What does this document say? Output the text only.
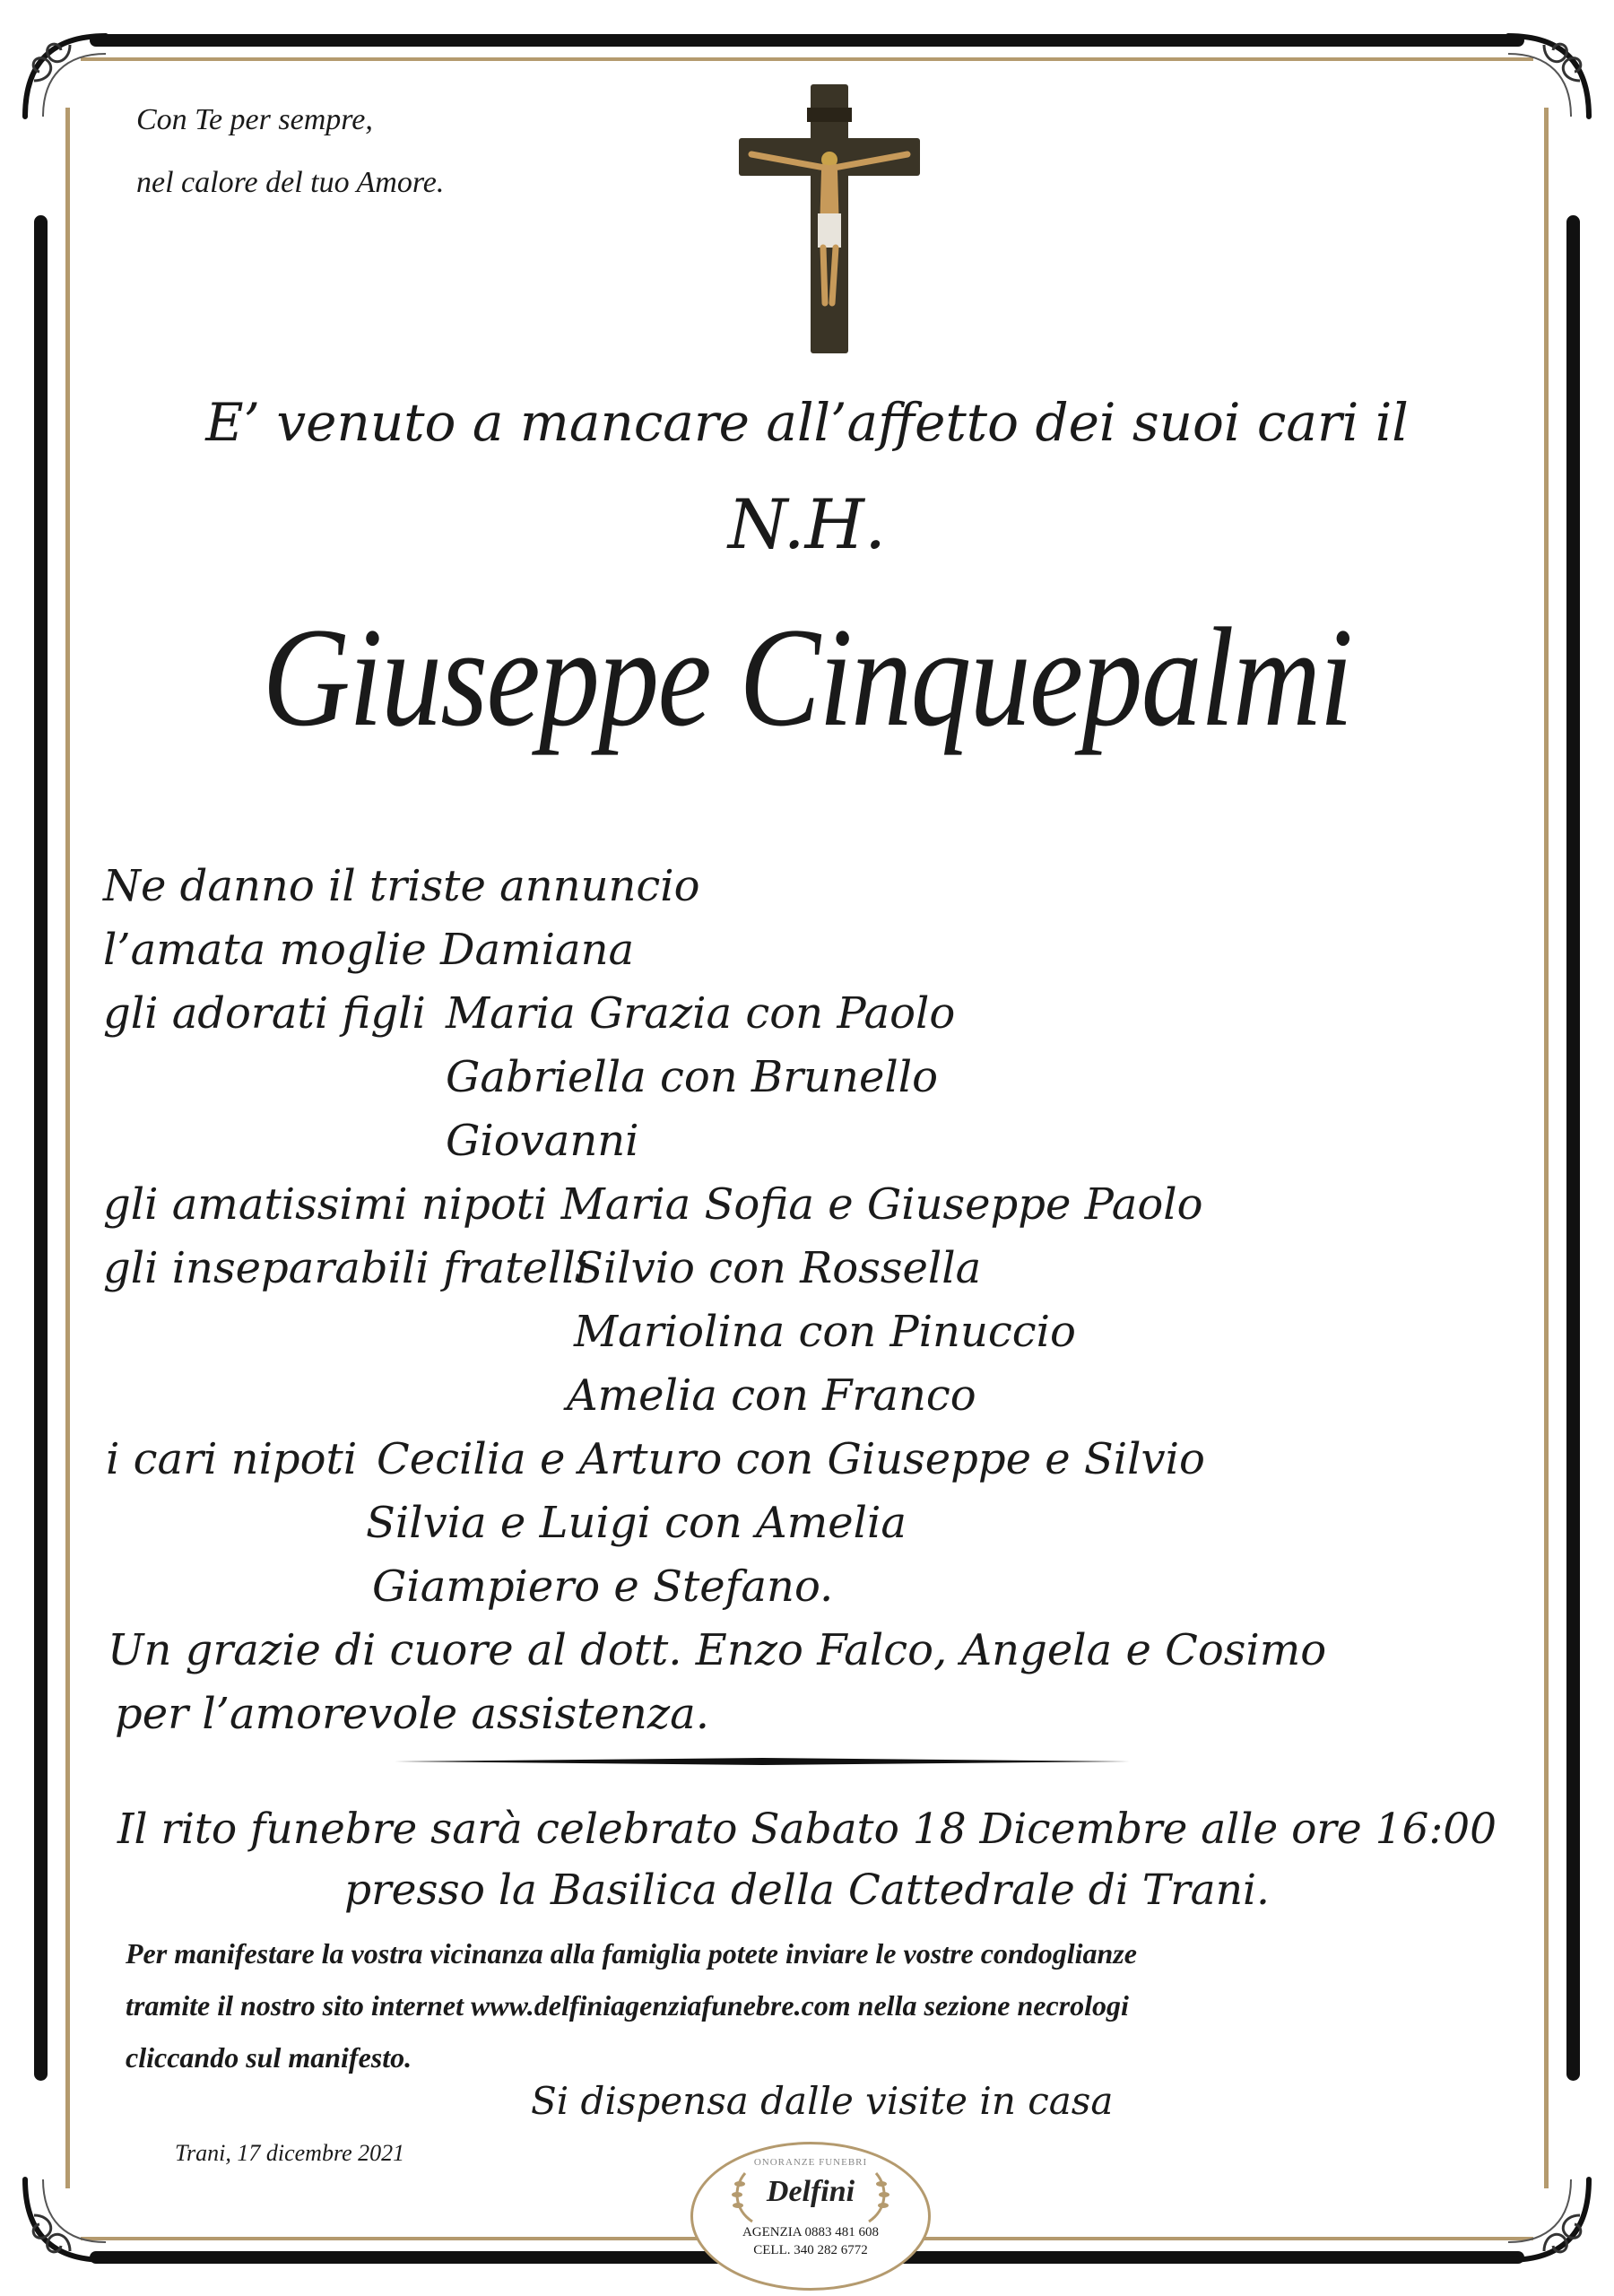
Con Te per sempre,
nel calore del tuo Amore.
E’ venuto a mancare all’affetto dei suoi cari il
N.H.
Giuseppe Cinquepalmi
Ne danno il triste annuncio
l’amata moglie Damiana
gli adorati figli Maria Grazia con Paolo
Gabriella con Brunello
Giovanni
gli amatissimi nipoti Maria Sofia e Giuseppe Paolo
gli inseparabili fratelli
Silvio con Rossella
Mariolina con Pinuccio
Amelia con Franco
i cari nipoti Cecilia e Arturo con Giuseppe e Silvio
Silvia e Luigi con Amelia
Giampiero e Stefano.
Un grazie di cuore al dott. Enzo Falco, Angela e Cosimo
per l’amorevole assistenza.
Il rito funebre sarà celebrato Sabato 18 Dicembre alle ore 16:00
presso la Basilica della Cattedrale di Trani.
Per manifestare la vostra vicinanza alla famiglia potete inviare le vostre condoglianze
tramite il nostro sito internet www.delfiniagenziafunebre.com nella sezione necrologi
cliccando sul manifesto.
Si dispensa dalle visite in casa
Trani, 17 dicembre 2021	ONORANZE FUNEBRI
Delfini
AGENZIA 0883 481 608
CELL. 340 282 6772
